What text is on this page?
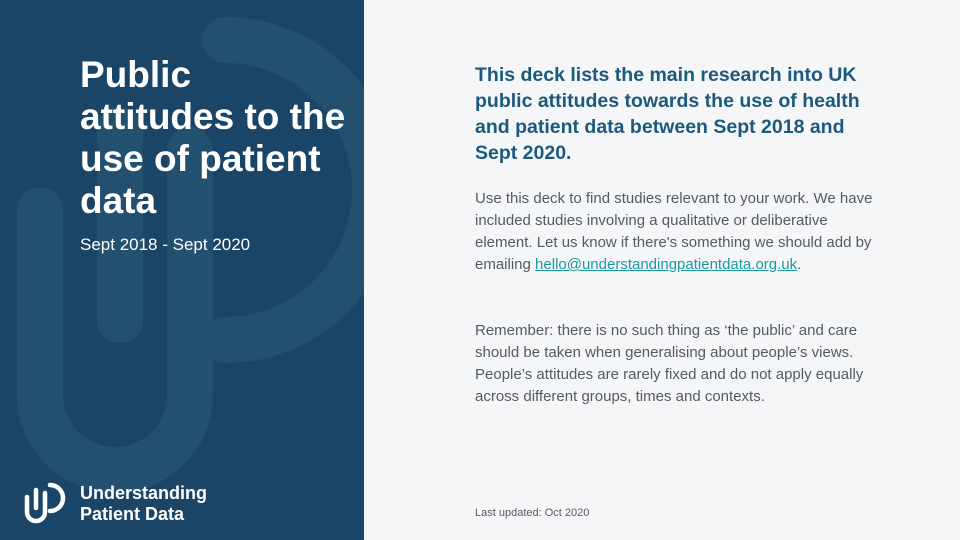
Public attitudes to the use of patient data

Sept 2018 - Sept 2020

Understanding
Patient Data

This deck lists the main research into UK public attitudes towards the use of health and patient data between Sept 2018 and Sept 2020.

Use this deck to find studies relevant to your work. We have included studies involving a qualitative or deliberative element. Let us know if there's something we should add by emailing hello@understandingpatientdata.org.uk.

Remember: there is no such thing as ‘the public’ and care should be taken when generalising about people’s views. People’s attitudes are rarely fixed and do not apply equally across different groups, times and contexts.

Last updated: Oct 2020
